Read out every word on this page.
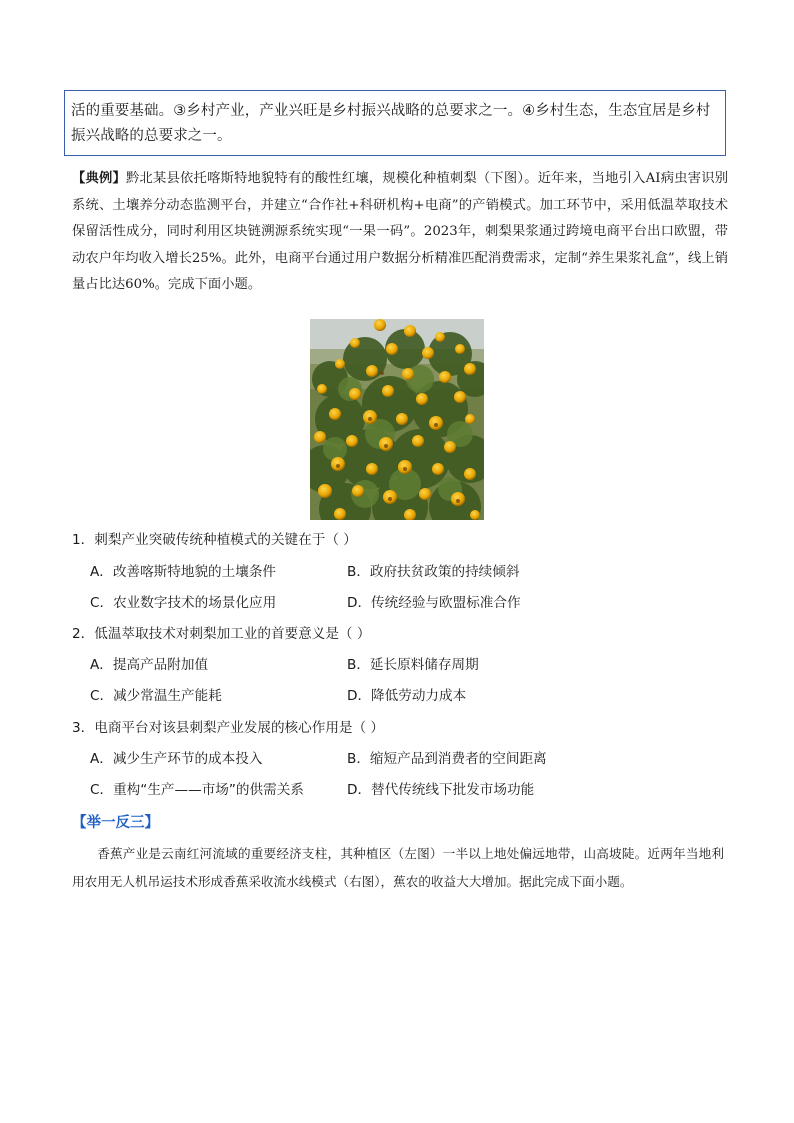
活的重要基础。③乡村产业，产业兴旺是乡村振兴战略的总要求之一。④乡村生态，生态宜居是乡村振兴战略的总要求之一。
【典例】黔北某县依托喀斯特地貌特有的酸性红壤，规模化种植刺梨（下图）。近年来，当地引入AI病虫害识别系统、土壤养分动态监测平台，并建立“合作社+科研机构+电商”的产销模式。加工环节中，采用低温萃取技术保留活性成分，同时利用区块链溯源系统实现“一果一码”。2023年，刺梨果浆通过跨境电商平台出口欧盟，带动农户年均收入增长25%。此外，电商平台通过用户数据分析精准匹配消费需求，定制“养生果浆礼盒”，线上销量占比达60%。完成下面小题。
1．刺梨产业突破传统种植模式的关键在于（ ）
A．改善喀斯特地貌的土壤条件	B．政府扶贫政策的持续倾斜
C．农业数字技术的场景化应用	D．传统经验与欧盟标准合作
2．低温萃取技术对刺梨加工业的首要意义是（ ）
A．提高产品附加值	B．延长原料储存周期
C．减少常温生产能耗	D．降低劳动力成本
3．电商平台对该县刺梨产业发展的核心作用是（ ）
A．减少生产环节的成本投入	B．缩短产品到消费者的空间距离
C．重构“生产——市场”的供需关系	D．替代传统线下批发市场功能
【举一反三】
香蕉产业是云南红河流域的重要经济支柱，其种植区（左图）一半以上地处偏远地带，山高坡陡。近两年当地利用农用无人机吊运技术形成香蕉采收流水线模式（右图），蕉农的收益大大增加。据此完成下面小题。
